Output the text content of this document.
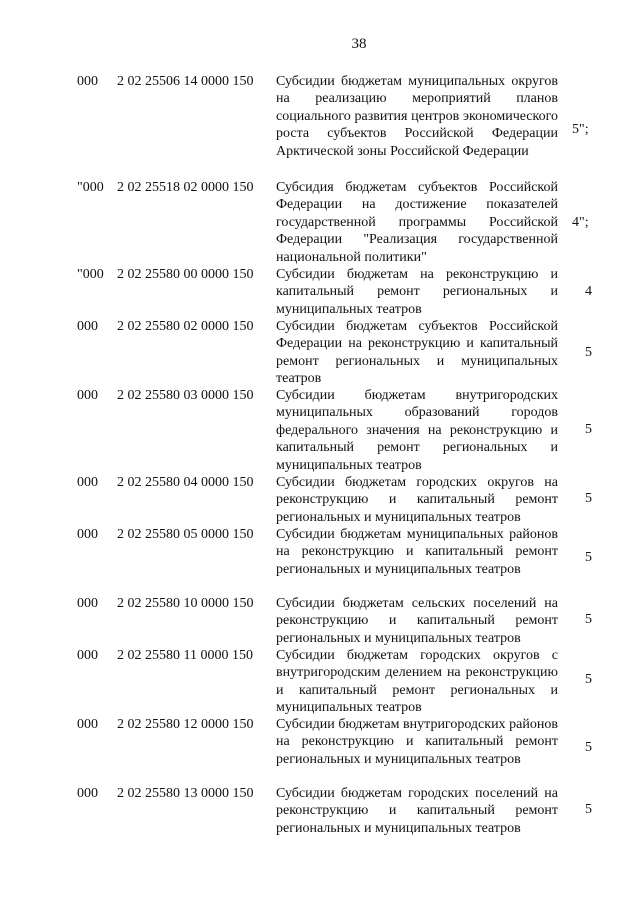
38
000 2 02 25506 14 0000 150 Субсидии бюджетам муниципальных округов на реализацию мероприятий планов социального развития центров экономического роста субъектов Российской Федерации Арктической зоны Российской Федерации
5";
"000 2 02 25518 02 0000 150 Субсидия бюджетам субъектов Российской Федерации на достижение показателей государственной программы Российской Федерации "Реализация государственной национальной политики"
4";
"000 2 02 25580 00 0000 150 Субсидии бюджетам на реконструкцию и капитальный ремонт региональных и муниципальных театров
4
000 2 02 25580 02 0000 150 Субсидии бюджетам субъектов Российской Федерации на реконструкцию и капитальный ремонт региональных и муниципальных театров
5
000 2 02 25580 03 0000 150 Субсидии бюджетам внутригородских муниципальных образований городов федерального значения на реконструкцию и капитальный ремонт региональных и муниципальных театров
5
000 2 02 25580 04 0000 150 Субсидии бюджетам городских округов на реконструкцию и капитальный ремонт региональных и муниципальных театров
5
000 2 02 25580 05 0000 150 Субсидии бюджетам муниципальных районов на реконструкцию и капитальный ремонт региональных и муниципальных театров
5
000 2 02 25580 10 0000 150 Субсидии бюджетам сельских поселений на реконструкцию и капитальный ремонт региональных и муниципальных театров
5
000 2 02 25580 11 0000 150 Субсидии бюджетам городских округов с внутригородским делением на реконструкцию и капитальный ремонт региональных и муниципальных театров
5
000 2 02 25580 12 0000 150 Субсидии бюджетам внутригородских районов на реконструкцию и капитальный ремонт региональных и муниципальных театров
5
000 2 02 25580 13 0000 150 Субсидии бюджетам городских поселений на реконструкцию и капитальный ремонт региональных и муниципальных театров
5
